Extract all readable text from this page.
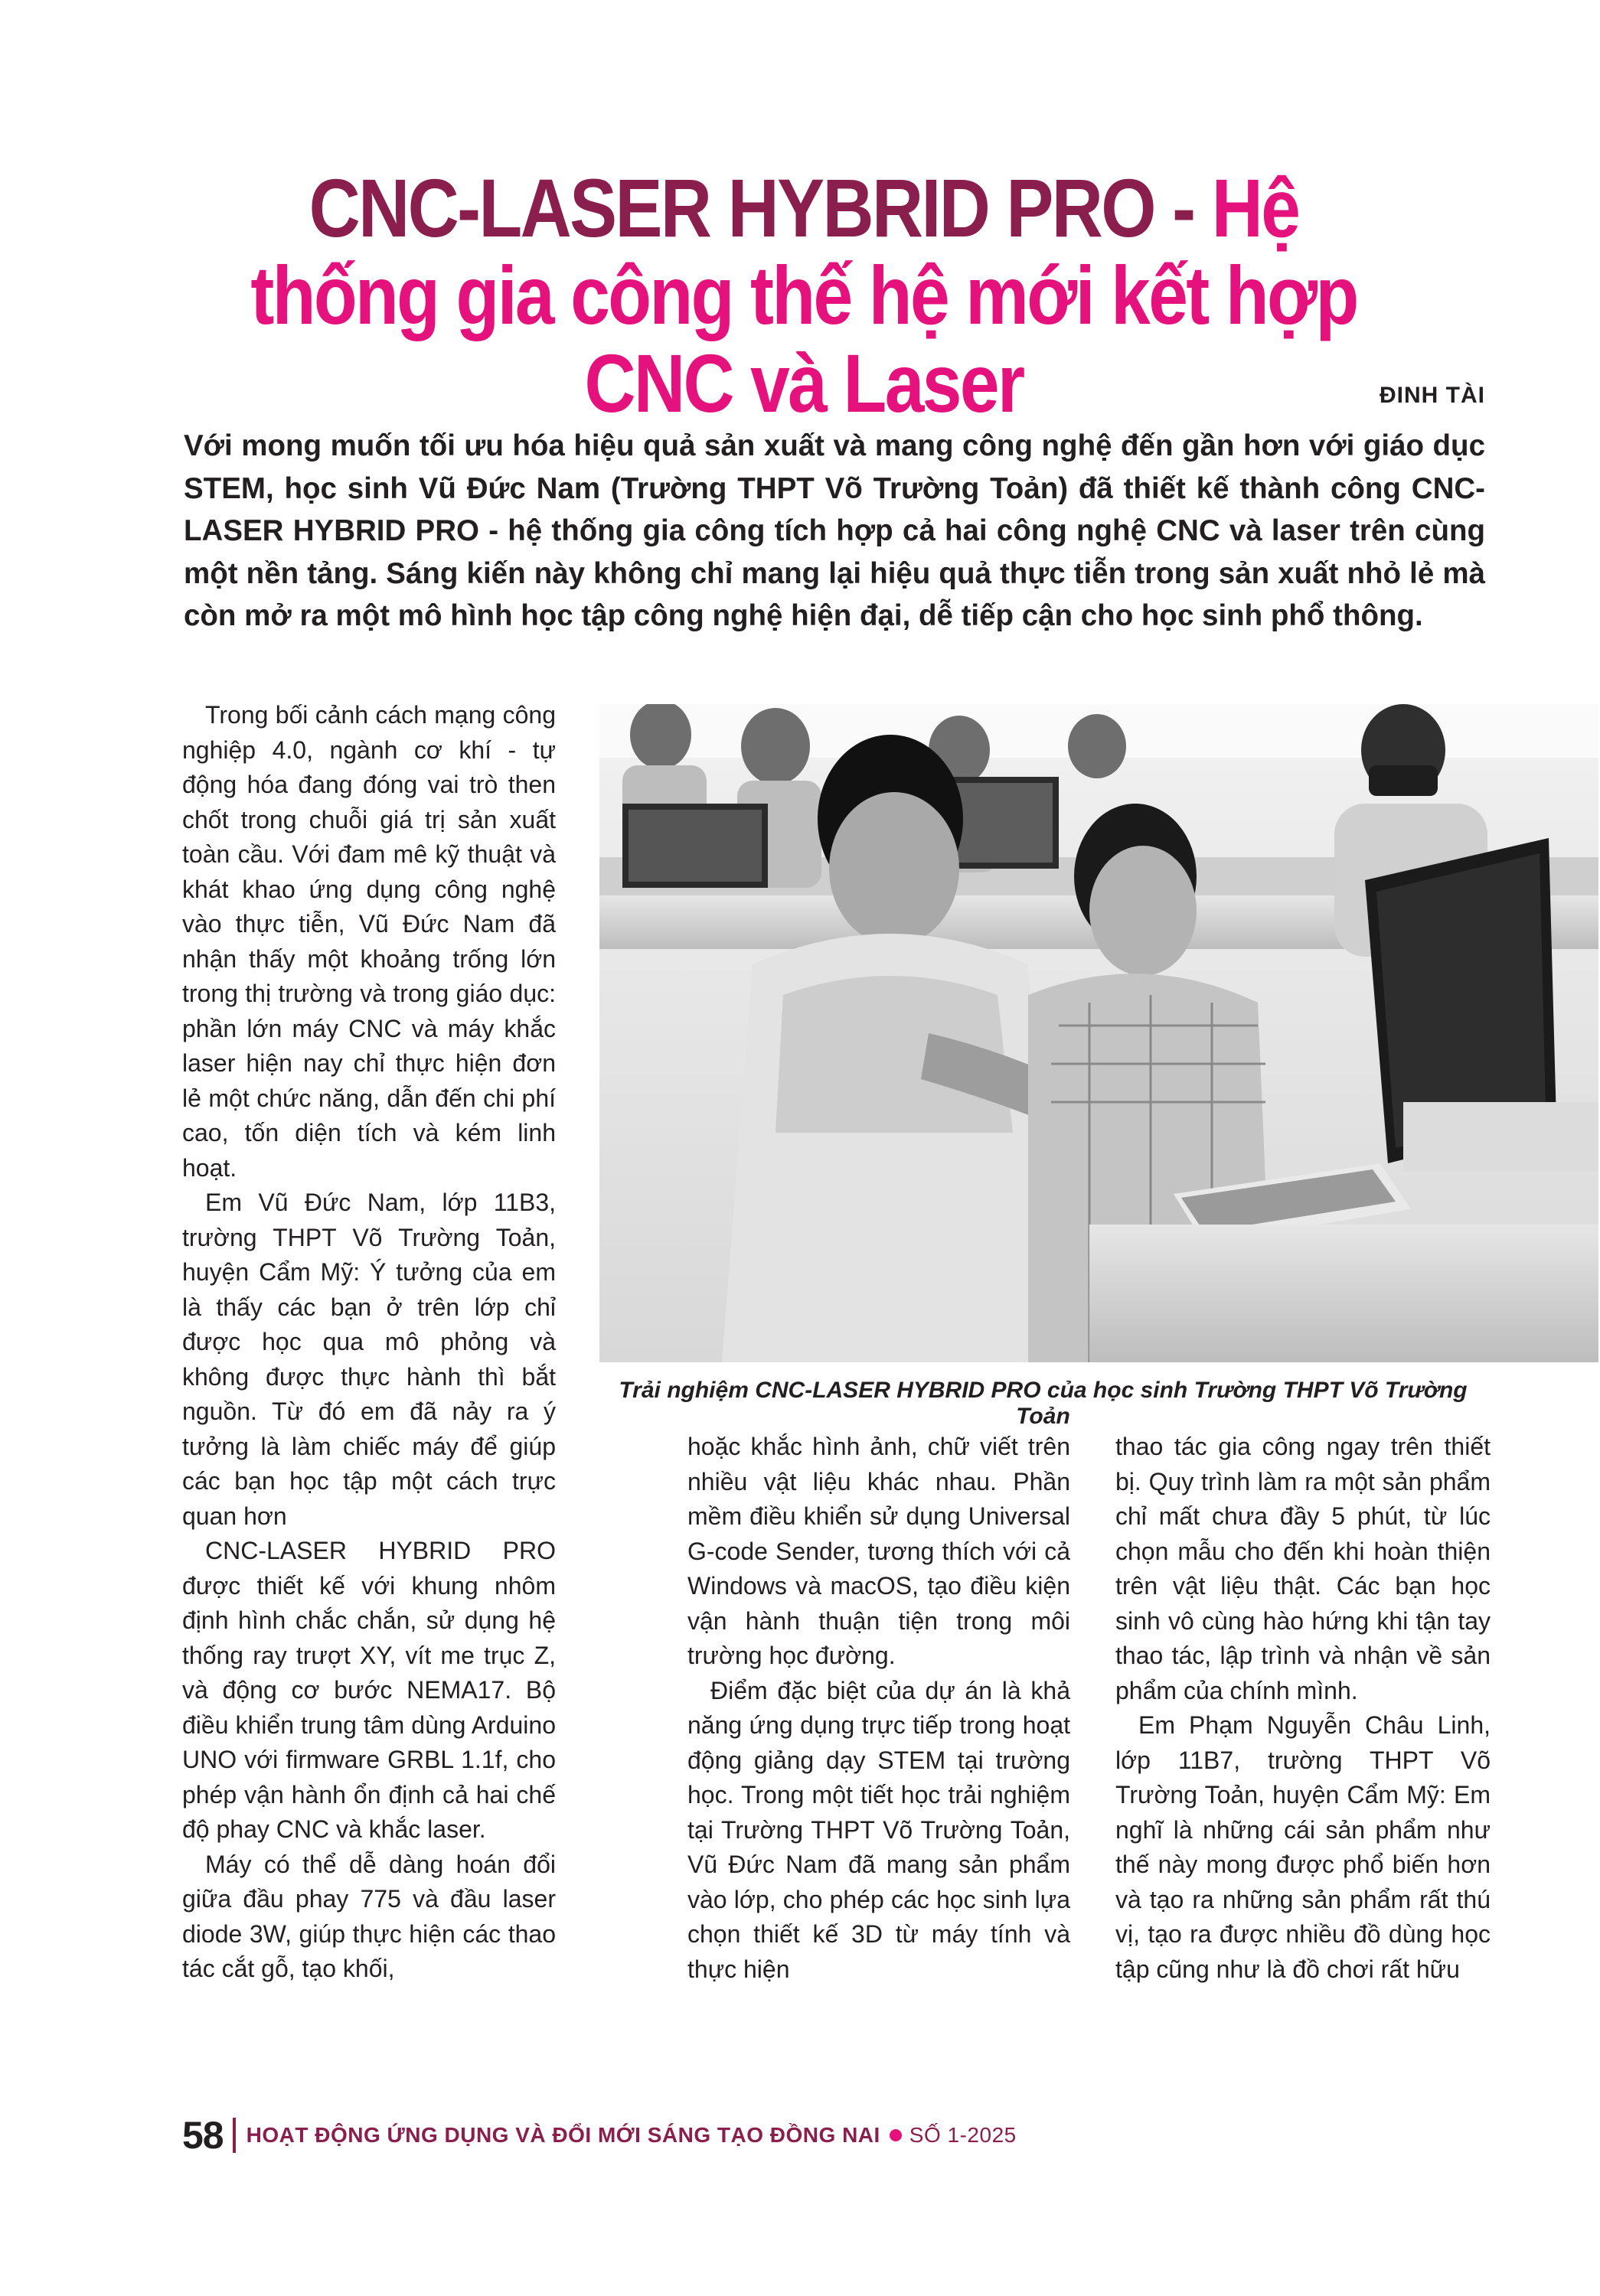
CNC-LASER HYBRID PRO - Hệ thống gia công thế hệ mới kết hợp CNC và Laser	ĐINH TÀI

Với mong muốn tối ưu hóa hiệu quả sản xuất và mang công nghệ đến gần hơn với giáo dục STEM, học sinh Vũ Đức Nam (Trường THPT Võ Trường Toản) đã thiết kế thành công CNC-LASER HYBRID PRO - hệ thống gia công tích hợp cả hai công nghệ CNC và laser trên cùng một nền tảng. Sáng kiến này không chỉ mang lại hiệu quả thực tiễn trong sản xuất nhỏ lẻ mà còn mở ra một mô hình học tập công nghệ hiện đại, dễ tiếp cận cho học sinh phổ thông.

Trong bối cảnh cách mạng công nghiệp 4.0, ngành cơ khí - tự động hóa đang đóng vai trò then chốt trong chuỗi giá trị sản xuất toàn cầu. Với đam mê kỹ thuật và khát khao ứng dụng công nghệ vào thực tiễn, Vũ Đức Nam đã nhận thấy một khoảng trống lớn trong thị trường và trong giáo dục: phần lớn máy CNC và máy khắc laser hiện nay chỉ thực hiện đơn lẻ một chức năng, dẫn đến chi phí cao, tốn diện tích và kém linh hoạt.

Em Vũ Đức Nam, lớp 11B3, trường THPT Võ Trường Toản, huyện Cẩm Mỹ: Ý tưởng của em là thấy các bạn ở trên lớp chỉ được học qua mô phỏng và không được thực hành thì bắt nguồn. Từ đó em đã nảy ra ý tưởng là làm chiếc máy để giúp các bạn học tập một cách trực quan hơn

CNC-LASER HYBRID PRO được thiết kế với khung nhôm định hình chắc chắn, sử dụng hệ thống ray trượt XY, vít me trục Z, và động cơ bước NEMA17. Bộ điều khiển trung tâm dùng Arduino UNO với firmware GRBL 1.1f, cho phép vận hành ổn định cả hai chế độ phay CNC và khắc laser.

Máy có thể dễ dàng hoán đổi giữa đầu phay 775 và đầu laser diode 3W, giúp thực hiện các thao tác cắt gỗ, tạo khối,

Trải nghiệm CNC-LASER HYBRID PRO của học sinh Trường THPT Võ Trường Toản

hoặc khắc hình ảnh, chữ viết trên nhiều vật liệu khác nhau. Phần mềm điều khiển sử dụng Universal G-code Sender, tương thích với cả Windows và macOS, tạo điều kiện vận hành thuận tiện trong môi trường học đường.

Điểm đặc biệt của dự án là khả năng ứng dụng trực tiếp trong hoạt động giảng dạy STEM tại trường học. Trong một tiết học trải nghiệm tại Trường THPT Võ Trường Toản, Vũ Đức Nam đã mang sản phẩm vào lớp, cho phép các học sinh lựa chọn thiết kế 3D từ máy tính và thực hiện

thao tác gia công ngay trên thiết bị. Quy trình làm ra một sản phẩm chỉ mất chưa đầy 5 phút, từ lúc chọn mẫu cho đến khi hoàn thiện trên vật liệu thật. Các bạn học sinh vô cùng hào hứng khi tận tay thao tác, lập trình và nhận về sản phẩm của chính mình.

Em Phạm Nguyễn Châu Linh, lớp 11B7, trường THPT Võ Trường Toản, huyện Cẩm Mỹ: Em nghĩ là những cái sản phẩm như thế này mong được phổ biến hơn và tạo ra những sản phẩm rất thú vị, tạo ra được nhiều đồ dùng học tập cũng như là đồ chơi rất hữu

58 HOẠT ĐỘNG ỨNG DỤNG VÀ ĐỔI MỚI SÁNG TẠO ĐỒNG NAI SỐ 1-2025
